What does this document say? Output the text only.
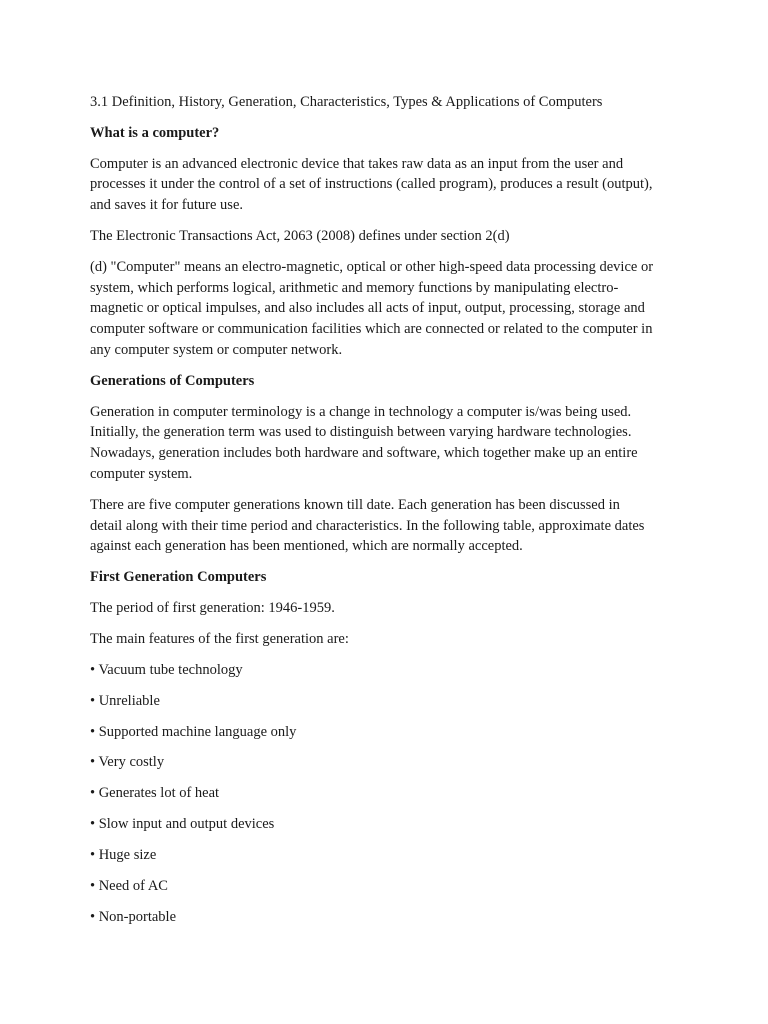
3.1 Definition, History, Generation, Characteristics, Types & Applications of Computers
What is a computer?
Computer is an advanced electronic device that takes raw data as an input from the user and
processes it under the control of a set of instructions (called program), produces a result (output),
and saves it for future use.
The Electronic Transactions Act, 2063 (2008) defines under section 2(d)
(d) "Computer" means an electro-magnetic, optical or other high-speed data processing device or
system, which performs logical, arithmetic and memory functions by manipulating electro-
magnetic or optical impulses, and also includes all acts of input, output, processing, storage and
computer software or communication facilities which are connected or related to the computer in
any computer system or computer network.
Generations of Computers
Generation in computer terminology is a change in technology a computer is/was being used.
Initially, the generation term was used to distinguish between varying hardware technologies.
Nowadays, generation includes both hardware and software, which together make up an entire
computer system.
There are five computer generations known till date. Each generation has been discussed in
detail along with their time period and characteristics. In the following table, approximate dates
against each generation has been mentioned, which are normally accepted.
First Generation Computers
The period of first generation: 1946-1959.
The main features of the first generation are:
• Vacuum tube technology
• Unreliable
• Supported machine language only
• Very costly
• Generates lot of heat
• Slow input and output devices
• Huge size
• Need of AC
• Non-portable
